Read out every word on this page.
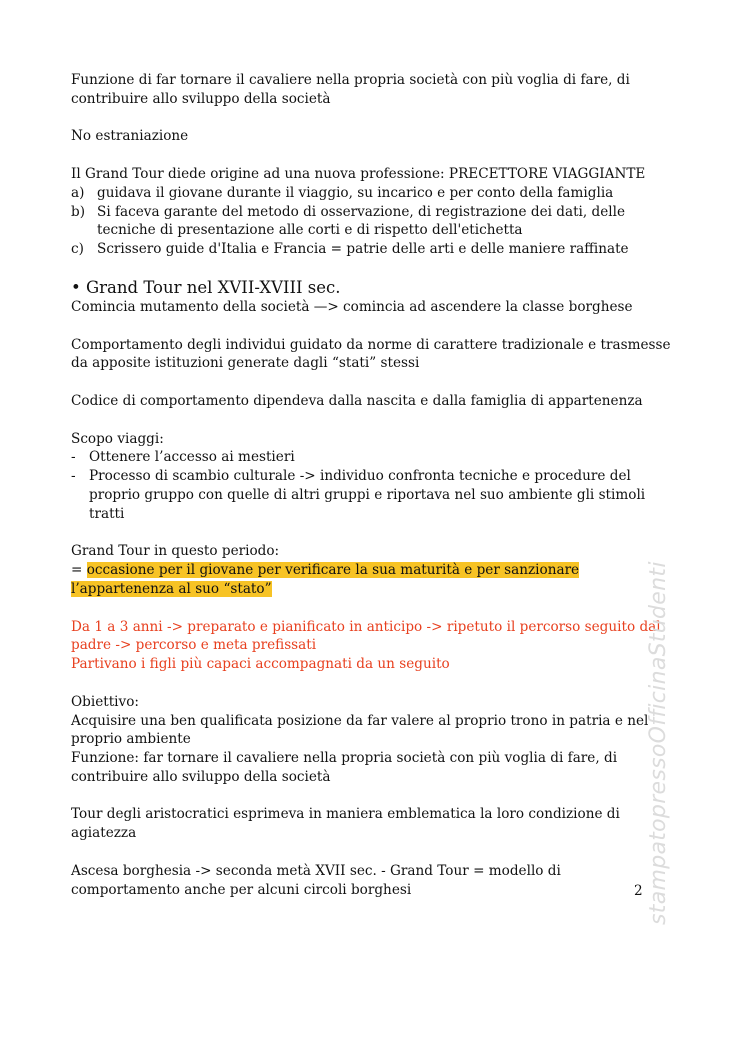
Funzione di far tornare il cavaliere nella propria società con più voglia di fare, di contribuire allo sviluppo della società
No estraniazione
Il Grand Tour diede origine ad una nuova professione: PRECETTORE VIAGGIANTE
a) guidava il giovane durante il viaggio, su incarico e per conto della famiglia
b) Si faceva garante del metodo di osservazione, di registrazione dei dati, delle tecniche di presentazione alle corti e di rispetto dell'etichetta
c) Scrissero guide d'Italia e Francia = patrie delle arti e delle maniere raffinate
• Grand Tour nel XVII-XVIII sec.
Comincia mutamento della società —> comincia ad ascendere la classe borghese
Comportamento degli individui guidato da norme di carattere tradizionale e trasmesse da apposite istituzioni generate dagli “stati” stessi
Codice di comportamento dipendeva dalla nascita e dalla famiglia di appartenenza
Scopo viaggi:
- Ottenere l’accesso ai mestieri
- Processo di scambio culturale -> individuo confronta tecniche e procedure del proprio gruppo con quelle di altri gruppi e riportava nel suo ambiente gli stimoli tratti
Grand Tour in questo periodo:
= occasione per il giovane per verificare la sua maturità e per sanzionare l’appartenenza al suo “stato”
Da 1 a 3 anni -> preparato e pianificato in anticipo -> ripetuto il percorso seguito dal padre -> percorso e meta prefissati
Partivano i figli più capaci accompagnati da un seguito
Obiettivo:
Acquisire una ben qualificata posizione da far valere al proprio trono in patria e nel proprio ambiente
Funzione: far tornare il cavaliere nella propria società con più voglia di fare, di contribuire allo sviluppo della società
Tour degli aristocratici esprimeva in maniera emblematica la loro condizione di agiatezza
Ascesa borghesia -> seconda metà XVII sec. - Grand Tour = modello di comportamento anche per alcuni circoli borghesi	stampatopressoOfficinaStudenti
2
